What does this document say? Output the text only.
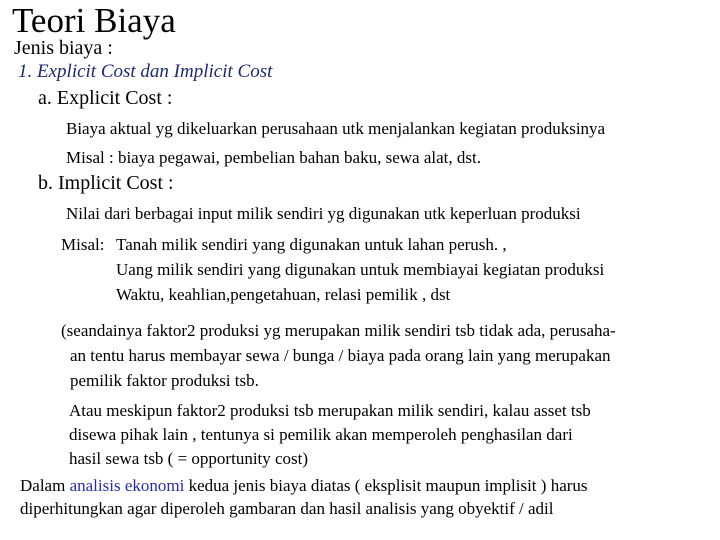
Teori Biaya
Jenis biaya :
1. Explicit Cost dan Implicit Cost
a. Explicit Cost :
Biaya aktual yg dikeluarkan perusahaan utk menjalankan kegiatan produksinya
Misal : biaya pegawai, pembelian bahan baku, sewa alat, dst.
b. Implicit Cost :
Nilai dari berbagai input milik sendiri yg digunakan utk keperluan produksi
Misal: Tanah milik sendiri yang digunakan untuk lahan perush. ,
Uang milik sendiri yang digunakan untuk membiayai kegiatan produksi
Waktu, keahlian,pengetahuan, relasi pemilik , dst
(seandainya faktor2 produksi yg merupakan milik sendiri tsb tidak ada, perusaha-
an tentu harus membayar sewa / bunga / biaya pada orang lain yang merupakan
pemilik faktor produksi tsb.
Atau meskipun faktor2 produksi tsb merupakan milik sendiri, kalau asset tsb
disewa pihak lain , tentunya si pemilik akan memperoleh penghasilan dari
hasil sewa tsb ( = opportunity cost)
Dalam analisis ekonomi kedua jenis biaya diatas ( eksplisit maupun implisit ) harus
diperhitungkan agar diperoleh gambaran dan hasil analisis yang obyektif / adil
